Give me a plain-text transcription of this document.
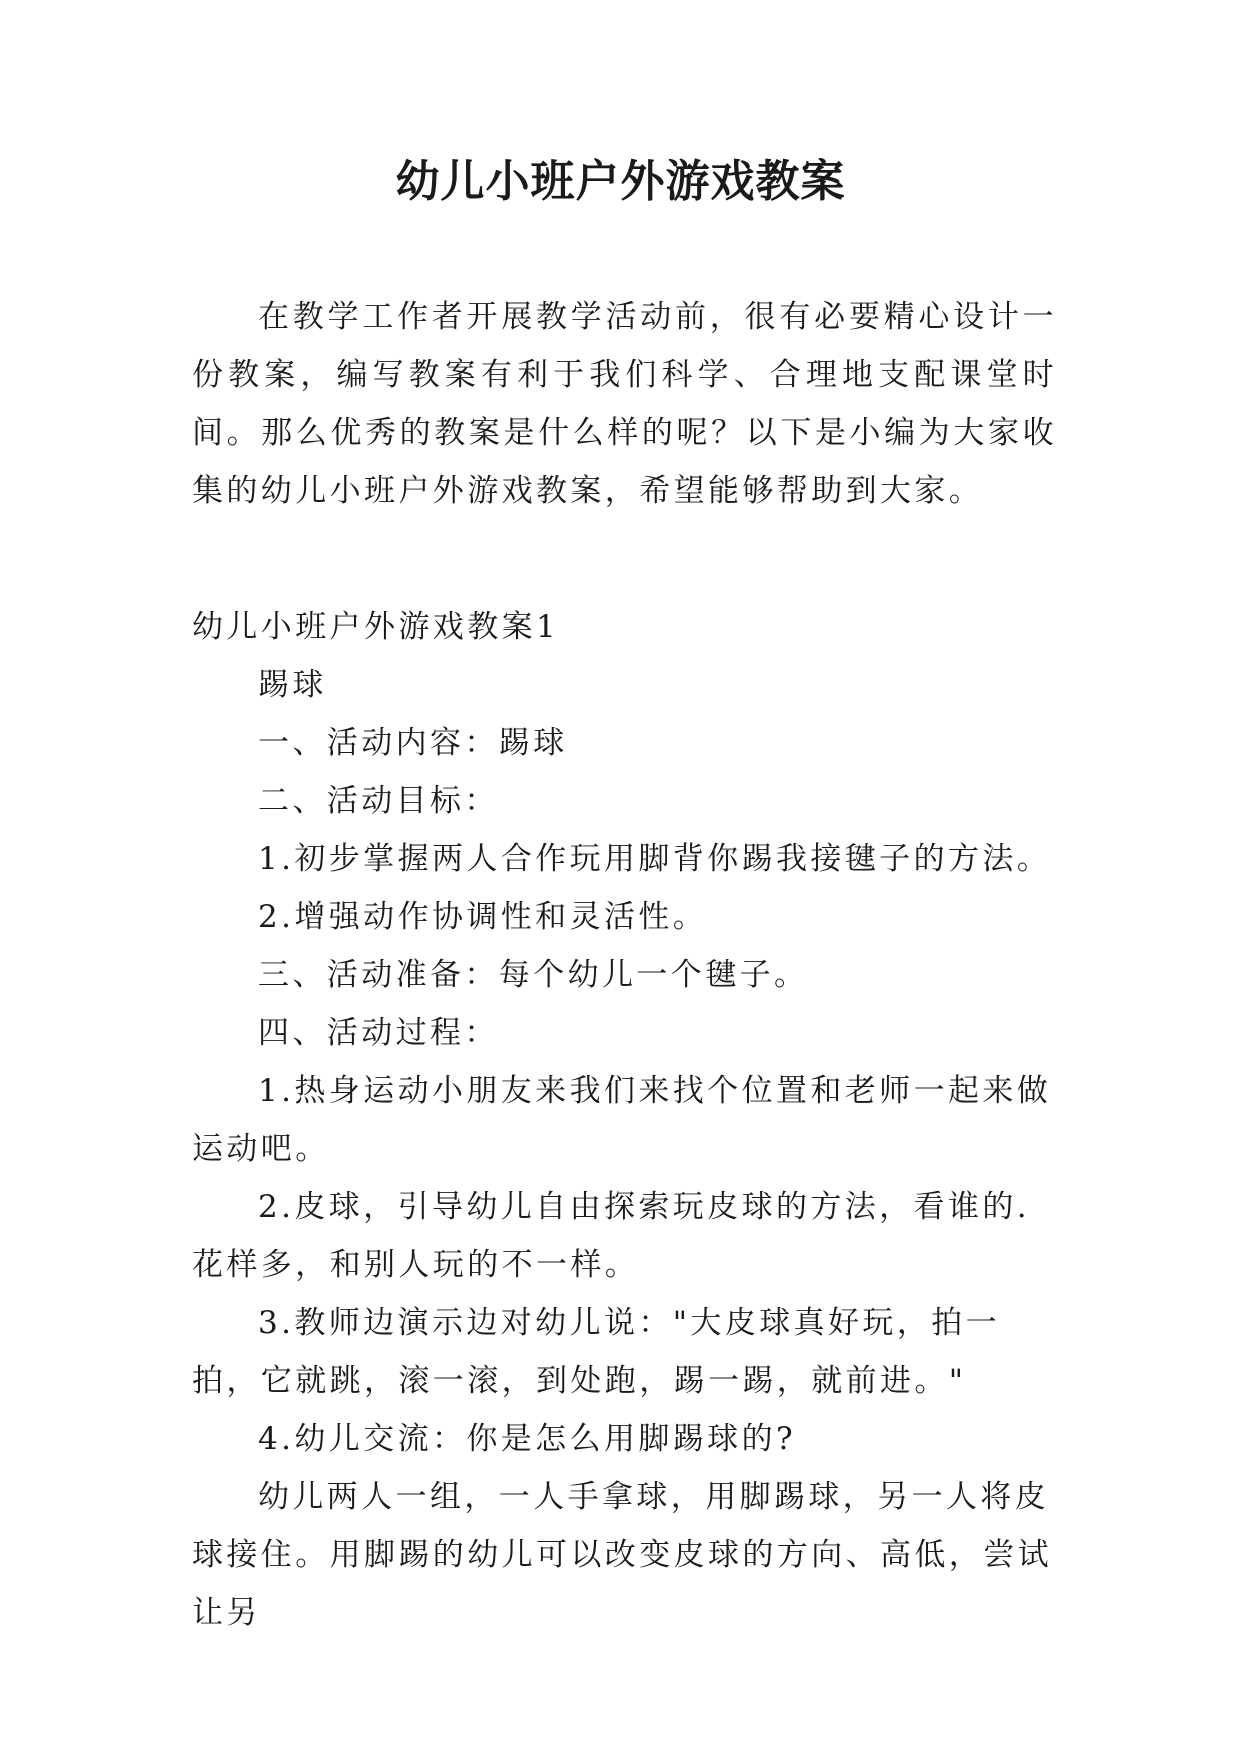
幼儿小班户外游戏教案

在教学工作者开展教学活动前，很有必要精心设计一份教案，编写教案有利于我们科学、合理地支配课堂时间。那么优秀的教案是什么样的呢？以下是小编为大家收集的幼儿小班户外游戏教案，希望能够帮助到大家。

幼儿小班户外游戏教案1

踢球

一、活动内容：踢球

二、活动目标：

1.初步掌握两人合作玩用脚背你踢我接毽子的方法。

2.增强动作协调性和灵活性。

三、活动准备：每个幼儿一个毽子。

四、活动过程：

1.热身运动小朋友来我们来找个位置和老师一起来做运动吧。

2.皮球，引导幼儿自由探索玩皮球的方法，看谁的.花样多，和别人玩的不一样。

3.教师边演示边对幼儿说："大皮球真好玩，拍一拍，它就跳，滚一滚，到处跑，踢一踢，就前进。"

4.幼儿交流：你是怎么用脚踢球的?

幼儿两人一组，一人手拿球，用脚踢球，另一人将皮球接住。用脚踢的幼儿可以改变皮球的方向、高低，尝试让另
